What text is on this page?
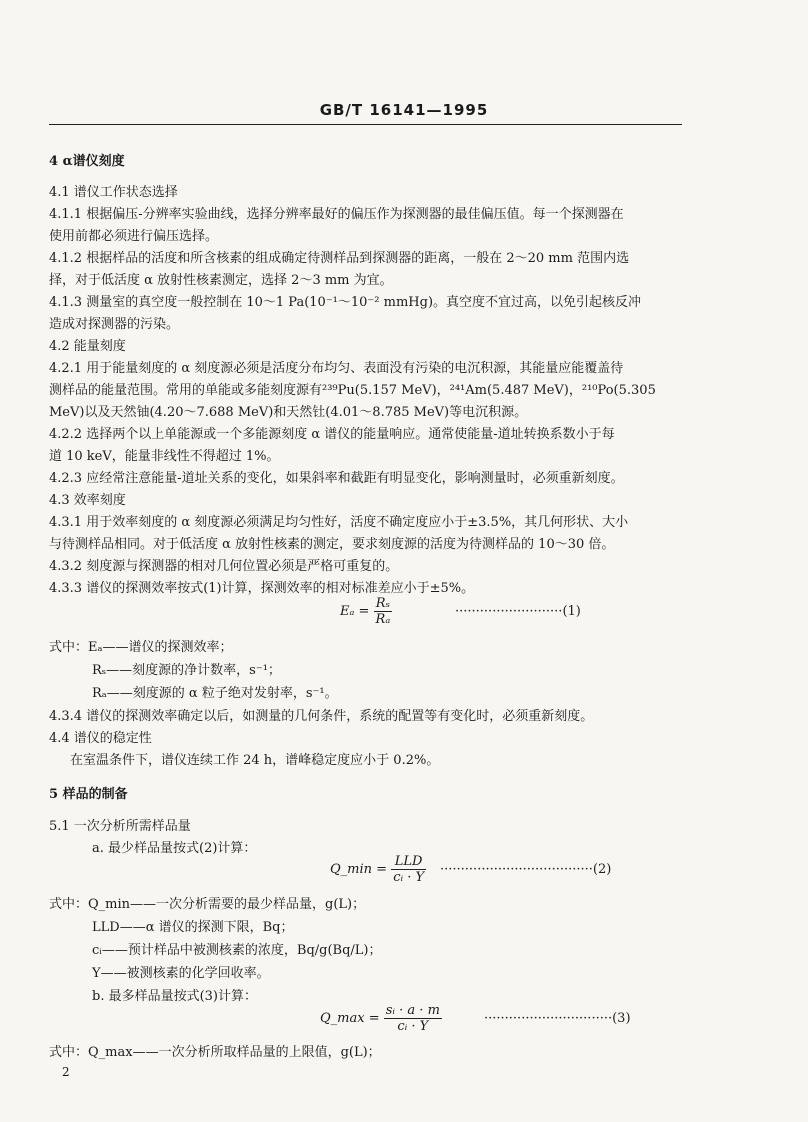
GB/T 16141—1995
4 α谱仪刻度
4.1 谱仪工作状态选择
4.1.1 根据偏压-分辨率实验曲线，选择分辨率最好的偏压作为探测器的最佳偏压值。每一个探测器在
使用前都必须进行偏压选择。
4.1.2 根据样品的活度和所含核素的组成确定待测样品到探测器的距离，一般在 2～20 mm 范围内选
择，对于低活度 α 放射性核素测定，选择 2～3 mm 为宜。
4.1.3 测量室的真空度一般控制在 10～1 Pa(10⁻¹～10⁻² mmHg)。真空度不宜过高，以免引起核反冲
造成对探测器的污染。
4.2 能量刻度
4.2.1 用于能量刻度的 α 刻度源必须是活度分布均匀、表面没有污染的电沉积源，其能量应能覆盖待
测样品的能量范围。常用的单能或多能刻度源有²³⁹Pu(5.157 MeV)，²⁴¹Am(5.487 MeV)，²¹⁰Po(5.305
MeV)以及天然铀(4.20～7.688 MeV)和天然钍(4.01～8.785 MeV)等电沉积源。
4.2.2 选择两个以上单能源或一个多能源刻度 α 谱仪的能量响应。通常使能量-道址转换系数小于每
道 10 keV，能量非线性不得超过 1%。
4.2.3 应经常注意能量-道址关系的变化，如果斜率和截距有明显变化，影响测量时，必须重新刻度。
4.3 效率刻度
4.3.1 用于效率刻度的 α 刻度源必须满足均匀性好，活度不确定度应小于±3.5%，其几何形状、大小
与待测样品相同。对于低活度 α 放射性核素的测定，要求刻度源的活度为待测样品的 10～30 倍。
4.3.2 刻度源与探测器的相对几何位置必须是严格可重复的。
4.3.3 谱仪的探测效率按式(1)计算，探测效率的相对标准差应小于±5%。
式中：Eₐ——谱仪的探测效率；
Rₛ——刻度源的净计数率，s⁻¹；
Rₐ——刻度源的 α 粒子绝对发射率，s⁻¹。
4.3.4 谱仪的探测效率确定以后，如测量的几何条件，系统的配置等有变化时，必须重新刻度。
4.4 谱仪的稳定性
在室温条件下，谱仪连续工作 24 h，谱峰稳定度应小于 0.2%。
5 样品的制备
5.1 一次分析所需样品量
a. 最少样品量按式(2)计算：
式中：Q_min——一次分析需要的最少样品量，g(L)；
LLD——α 谱仪的探测下限，Bq；
cᵢ——预计样品中被测核素的浓度，Bq/g(Bq/L)；
Y——被测核素的化学回收率。
b. 最多样品量按式(3)计算：
式中：Q_max——一次分析所取样品量的上限值，g(L)；
$E_a = \frac{\text{Rₛ}}{\text{Rₐ}}$	··························(1)
Q_min = $\frac{\text{LLD}}{\text{cᵢ · Y}} \cdot\cdot\cdot\cdot\cdot\cdot\cdot\cdot\cdot\cdot\cdot\cdot\cdot\cdot\cdot\cdot\cdot\cdot\cdot\cdot\cdot\cdot\cdot\cdot\cdot\cdot\cdot\cdot\cdot\cdot\cdot\cdot\cdot\cdot\cdot\cdot\cdot(2)$
Q_max = $\frac{\text{sᵢ · a · m}}{\text{cᵢ · Y}}$	·······························(3)
2
